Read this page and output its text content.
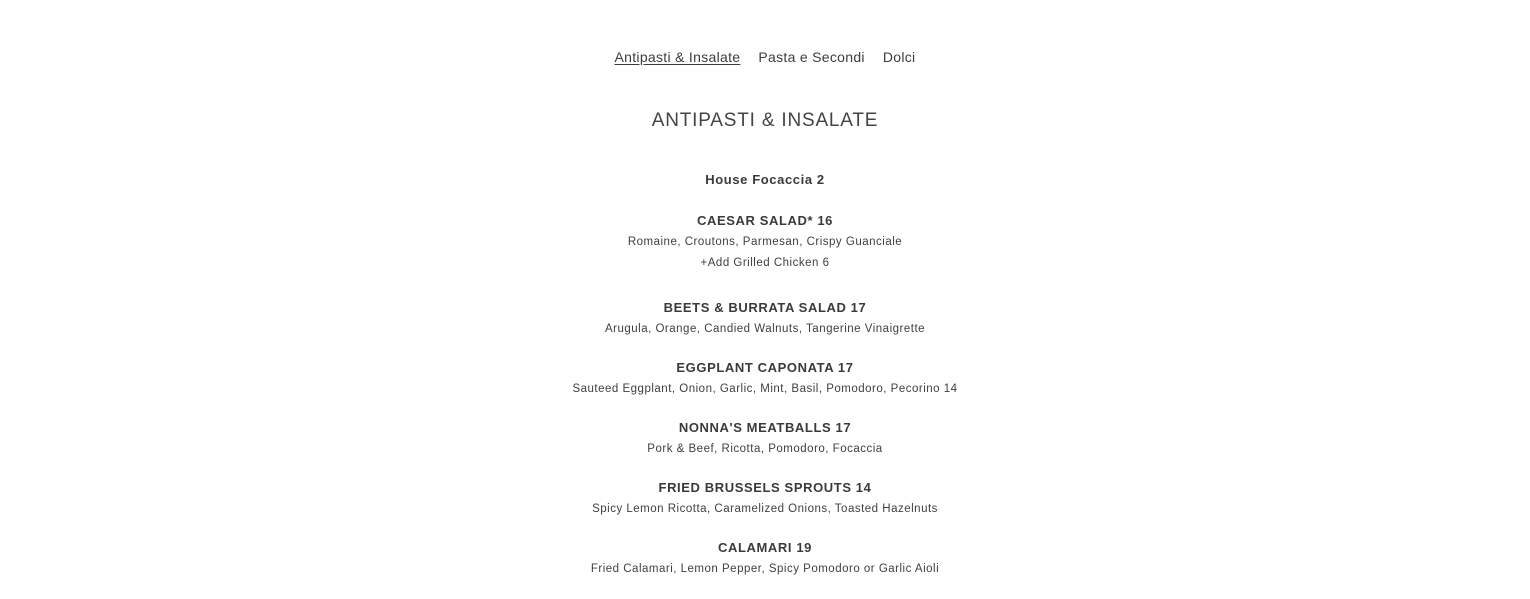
Antipasti & Insalate Pasta e Secondi Dolci
ANTIPASTI & INSALATE
House Focaccia 2
CAESAR SALAD* 16
Romaine, Croutons, Parmesan, Crispy Guanciale
+Add Grilled Chicken 6
BEETS & BURRATA SALAD 17
Arugula, Orange, Candied Walnuts, Tangerine Vinaigrette
EGGPLANT CAPONATA 17
Sauteed Eggplant, Onion, Garlic, Mint, Basil, Pomodoro, Pecorino 14
NONNA'S MEATBALLS 17
Pork & Beef, Ricotta, Pomodoro, Focaccia
FRIED BRUSSELS SPROUTS 14
Spicy Lemon Ricotta, Caramelized Onions, Toasted Hazelnuts
CALAMARI 19
Fried Calamari, Lemon Pepper, Spicy Pomodoro or Garlic Aioli
